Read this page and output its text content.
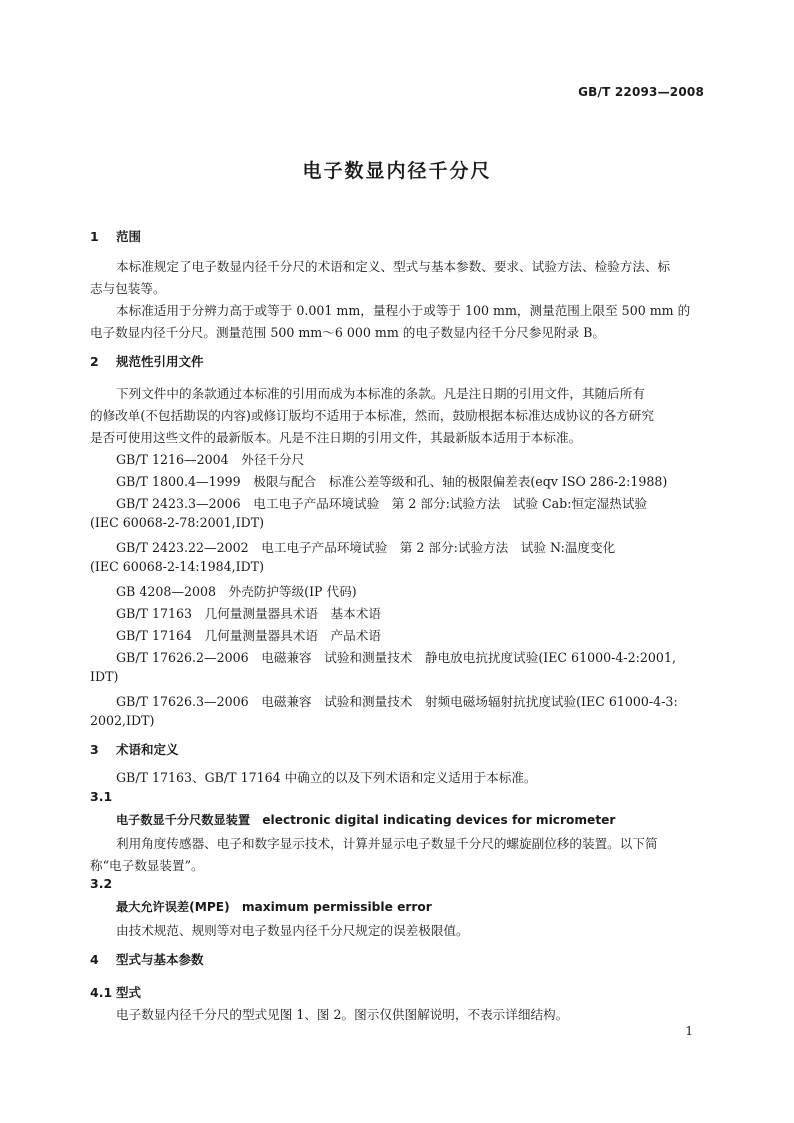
GB/T 22093—2008
电子数显内径千分尺
1 范围
本标准规定了电子数显内径千分尺的术语和定义、型式与基本参数、要求、试验方法、检验方法、标
志与包装等。
本标准适用于分辨力高于或等于 0.001 mm，量程小于或等于 100 mm，测量范围上限至 500 mm 的
电子数显内径千分尺。测量范围 500 mm～6 000 mm 的电子数显内径千分尺参见附录 B。
2 规范性引用文件
下列文件中的条款通过本标准的引用而成为本标准的条款。凡是注日期的引用文件，其随后所有
的修改单(不包括勘误的内容)或修订版均不适用于本标准，然而，鼓励根据本标准达成协议的各方研究
是否可使用这些文件的最新版本。凡是不注日期的引用文件，其最新版本适用于本标准。
GB/T 1216—2004　外径千分尺
GB/T 1800.4—1999　极限与配合　标准公差等级和孔、轴的极限偏差表(eqv ISO 286-2:1988)
GB/T 2423.3—2006　电工电子产品环境试验　第 2 部分:试验方法　试验 Cab:恒定湿热试验
(IEC 60068-2-78:2001,IDT)
GB/T 2423.22—2002　电工电子产品环境试验　第 2 部分:试验方法　试验 N:温度变化
(IEC 60068-2-14:1984,IDT)
GB 4208—2008　外壳防护等级(IP 代码)
GB/T 17163　几何量测量器具术语　基本术语
GB/T 17164　几何量测量器具术语　产品术语
GB/T 17626.2—2006　电磁兼容　试验和测量技术　静电放电抗扰度试验(IEC 61000-4-2:2001,
IDT)
GB/T 17626.3—2006　电磁兼容　试验和测量技术　射频电磁场辐射抗扰度试验(IEC 61000-4-3:
2002,IDT)
3 术语和定义
GB/T 17163、GB/T 17164 中确立的以及下列术语和定义适用于本标准。
3.1
电子数显千分尺数显装置　electronic digital indicating devices for micrometer
利用角度传感器、电子和数字显示技术，计算并显示电子数显千分尺的螺旋副位移的装置。以下简
称“电子数显装置”。
3.2
最大允许误差(MPE)　maximum permissible error
由技术规范、规则等对电子数显内径千分尺规定的误差极限值。
4 型式与基本参数
4.1 型式
电子数显内径千分尺的型式见图 1、图 2。图示仅供图解说明，不表示详细结构。
1
